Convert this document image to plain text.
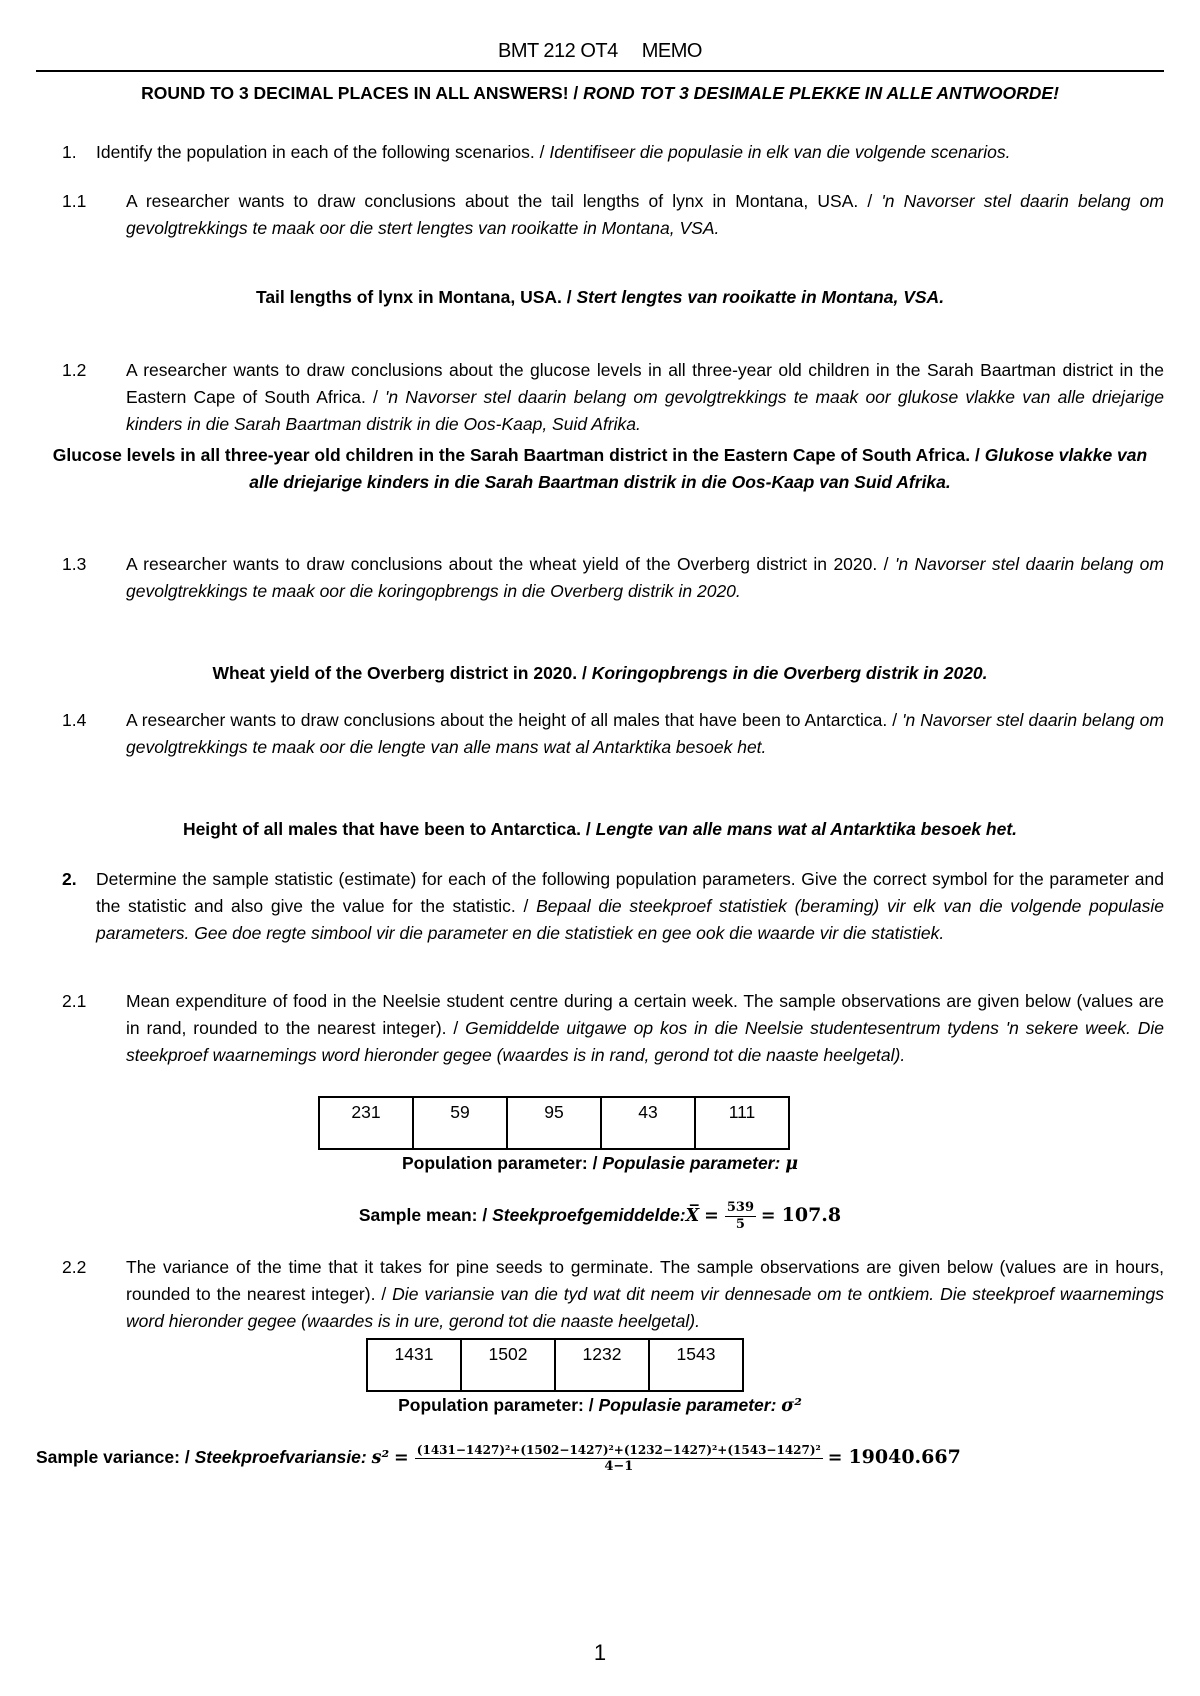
BMT 212 OT4 MEMO
ROUND TO 3 DECIMAL PLACES IN ALL ANSWERS! / ROND TOT 3 DESIMALE PLEKKE IN ALLE ANTWOORDE!
1. Identify the population in each of the following scenarios. / Identifiseer die populasie in elk van die volgende scenarios.
1.1 A researcher wants to draw conclusions about the tail lengths of lynx in Montana, USA. / 'n Navorser stel daarin belang om gevolgtrekkings te maak oor die stert lengtes van rooikatte in Montana, VSA.
Tail lengths of lynx in Montana, USA. / Stert lengtes van rooikatte in Montana, VSA.
1.2 A researcher wants to draw conclusions about the glucose levels in all three-year old children in the Sarah Baartman district in the Eastern Cape of South Africa. / 'n Navorser stel daarin belang om gevolgtrekkings te maak oor glukose vlakke van alle driejarige kinders in die Sarah Baartman distrik in die Oos-Kaap, Suid Afrika.
Glucose levels in all three-year old children in the Sarah Baartman district in the Eastern Cape of South Africa. / Glukose vlakke van alle driejarige kinders in die Sarah Baartman distrik in die Oos-Kaap van Suid Afrika.
1.3 A researcher wants to draw conclusions about the wheat yield of the Overberg district in 2020. / 'n Navorser stel daarin belang om gevolgtrekkings te maak oor die koringopbrengs in die Overberg distrik in 2020.
Wheat yield of the Overberg district in 2020. / Koringopbrengs in die Overberg distrik in 2020.
1.4 A researcher wants to draw conclusions about the height of all males that have been to Antarctica. / 'n Navorser stel daarin belang om gevolgtrekkings te maak oor die lengte van alle mans wat al Antarktika besoek het.
Height of all males that have been to Antarctica. / Lengte van alle mans wat al Antarktika besoek het.
2. Determine the sample statistic (estimate) for each of the following population parameters. Give the correct symbol for the parameter and the statistic and also give the value for the statistic. / Bepaal die steekproef statistiek (beraming) vir elk van die volgende populasie parameters. Gee doe regte simbool vir die parameter en die statistiek en gee ook die waarde vir die statistiek.
2.1 Mean expenditure of food in the Neelsie student centre during a certain week. The sample observations are given below (values are in rand, rounded to the nearest integer). / Gemiddelde uitgawe op kos in die Neelsie studentesentrum tydens 'n sekere week. Die steekproef waarnemings word hieronder gegee (waardes is in rand, gerond tot die naaste heelgetal).
231	59	95	43	111
Population parameter: / Populasie parameter: μ
Sample mean: / Steekproefgemiddelde:X̅ = $\frac{539}{5} = 107.8$
2.2 The variance of the time that it takes for pine seeds to germinate. The sample observations are given below (values are in hours, rounded to the nearest integer). / Die variansie van die tyd wat dit neem vir dennesade om te ontkiem. Die steekproef waarnemings word hieronder gegee (waardes is in ure, gerond tot die naaste heelgetal).
1431	1502	1232	1543
Population parameter: / Populasie parameter: σ²
Sample variance: / Steekproefvariansie: $s^2 = \frac{\text{(1431−1427)²+(1502−1427)²+(1232−1427)²+(1543−1427)²}}{4-1} = 19040.667$
1
